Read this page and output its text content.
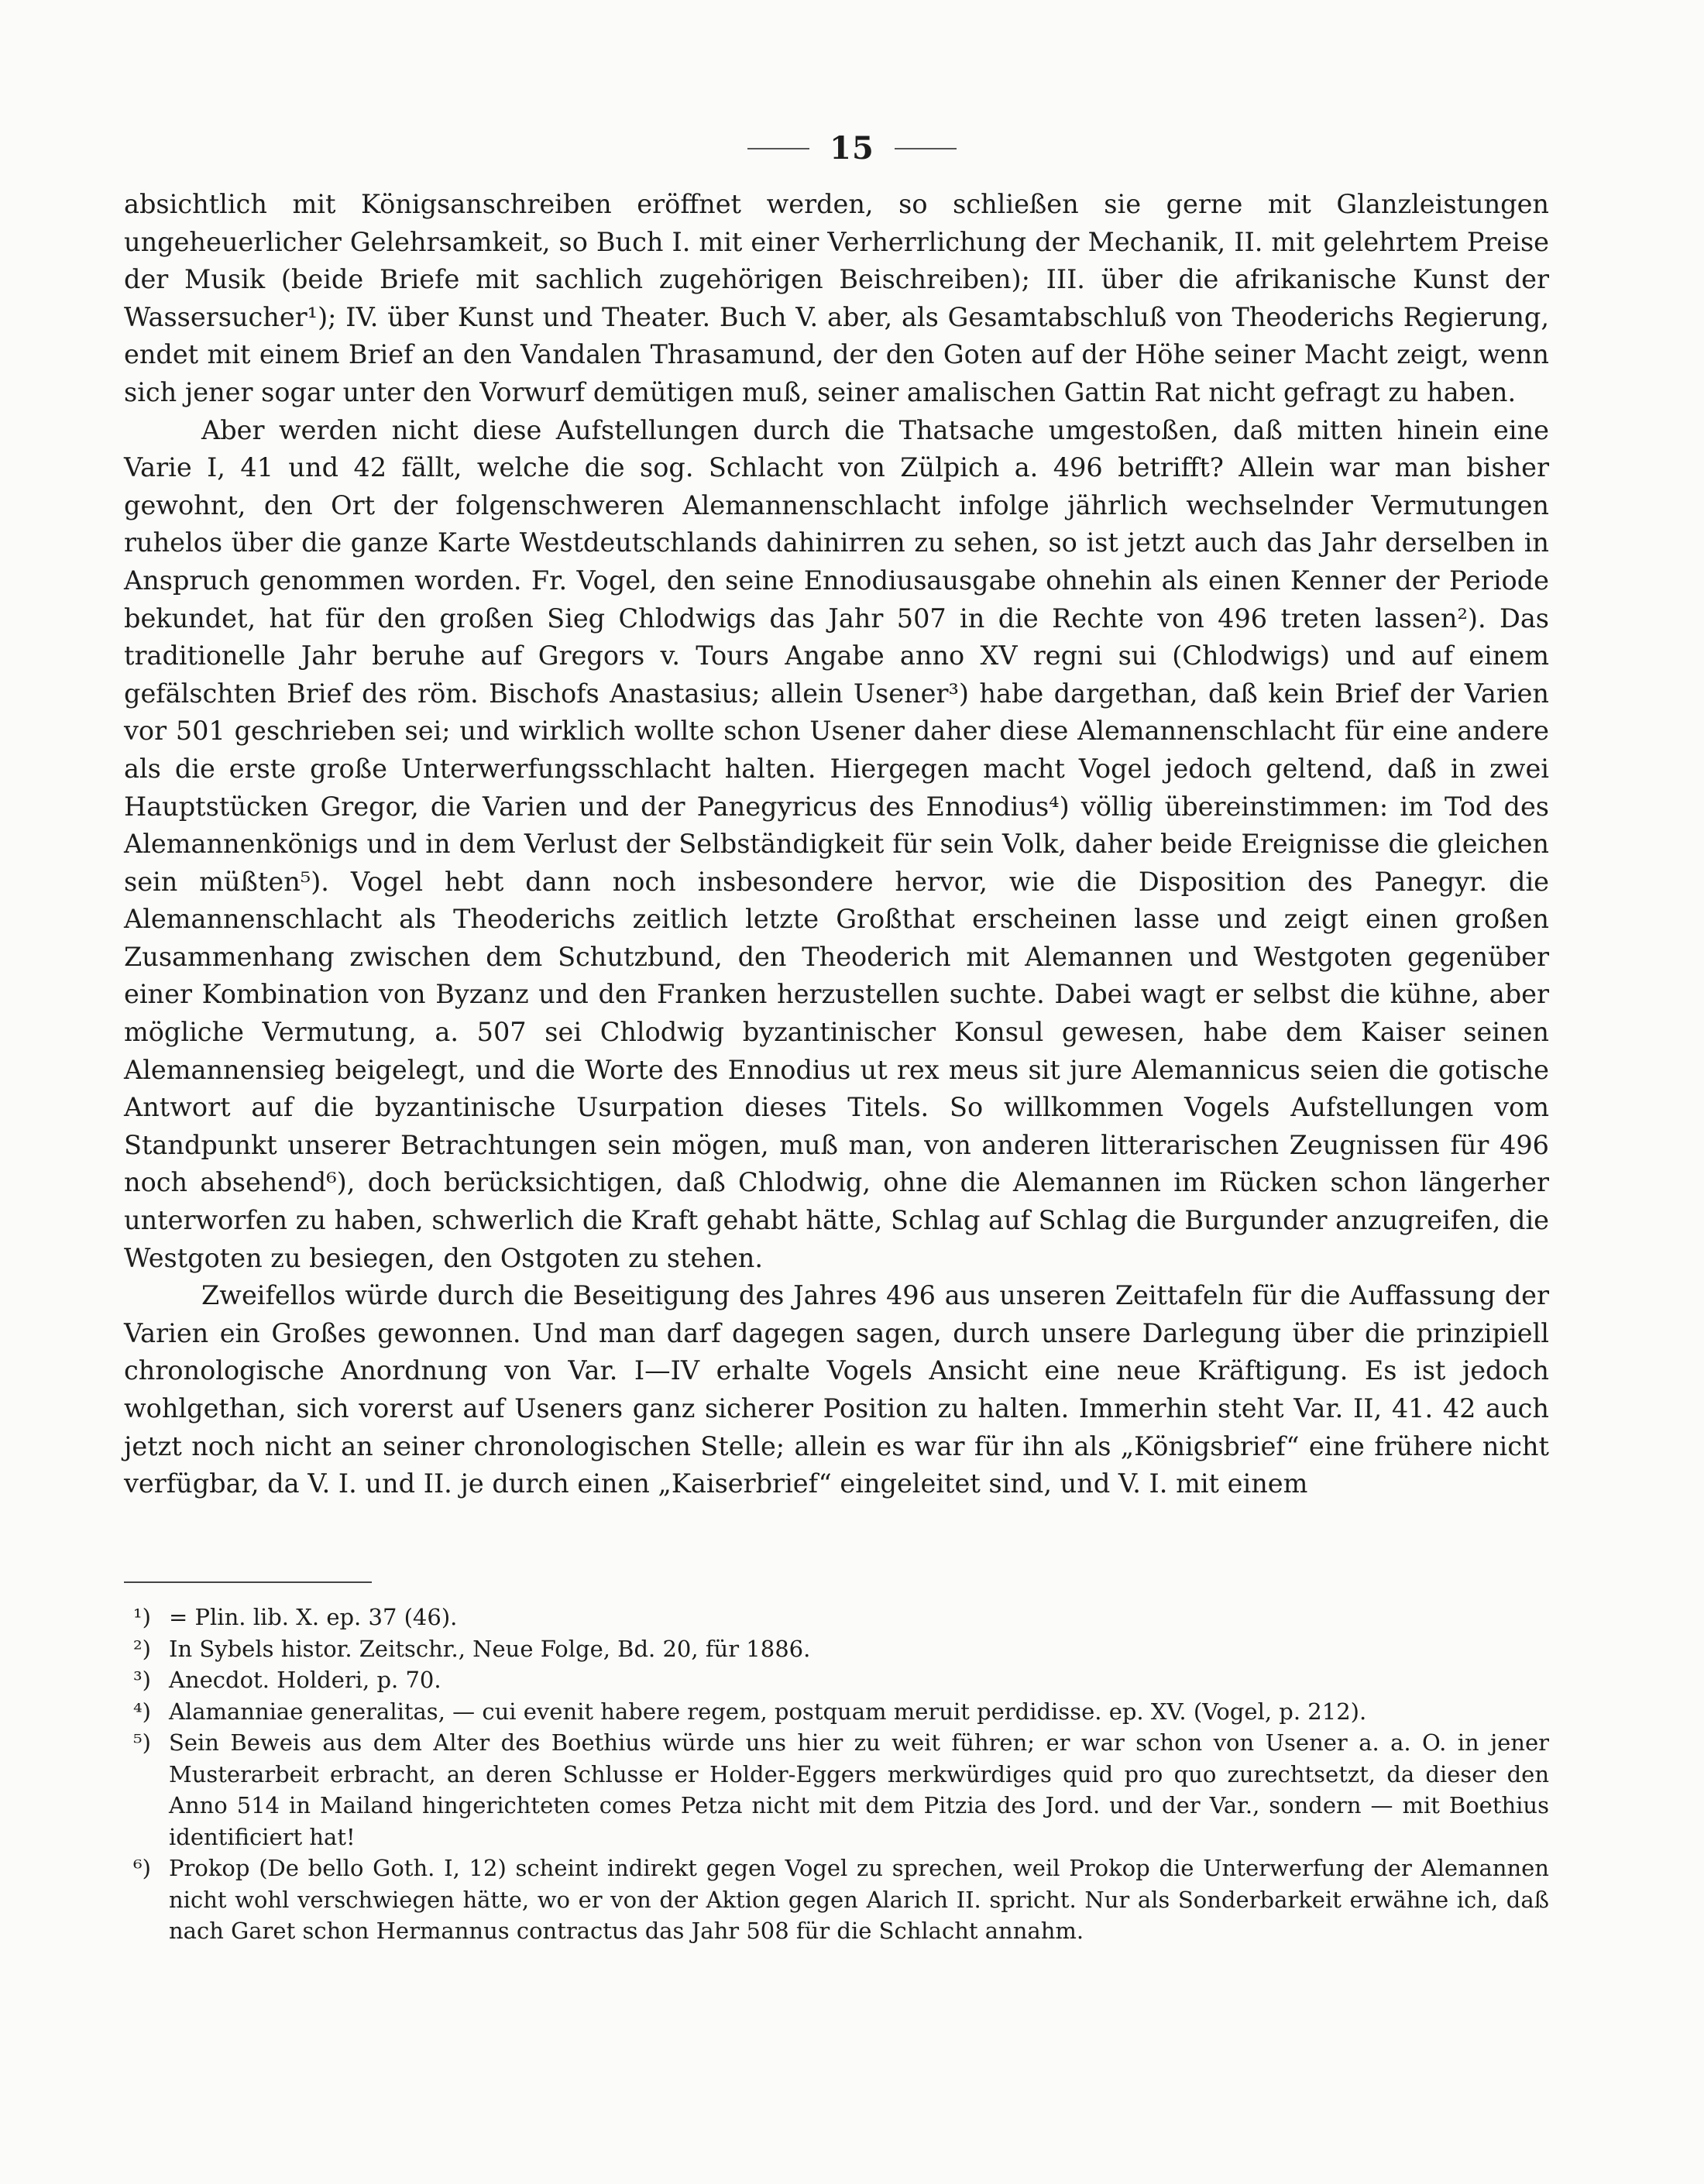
15

absichtlich mit Königsanschreiben eröffnet werden, so schließen sie gerne mit Glanzleistungen ungeheuerlicher Gelehrsamkeit, so Buch I. mit einer Verherrlichung der Mechanik, II. mit gelehrtem Preise der Musik (beide Briefe mit sachlich zugehörigen Beischreiben); III. über die afrikanische Kunst der Wassersucher¹); IV. über Kunst und Theater. Buch V. aber, als Gesamtabschluß von Theoderichs Regierung, endet mit einem Brief an den Vandalen Thrasamund, der den Goten auf der Höhe seiner Macht zeigt, wenn sich jener sogar unter den Vorwurf demütigen muß, seiner amalischen Gattin Rat nicht gefragt zu haben.

Aber werden nicht diese Aufstellungen durch die Thatsache umgestoßen, daß mitten hinein eine Varie I, 41 und 42 fällt, welche die sog. Schlacht von Zülpich a. 496 betrifft? Allein war man bisher gewohnt, den Ort der folgenschweren Alemannenschlacht infolge jährlich wechselnder Vermutungen ruhelos über die ganze Karte Westdeutschlands dahinirren zu sehen, so ist jetzt auch das Jahr derselben in Anspruch genommen worden. Fr. Vogel, den seine Ennodiusausgabe ohnehin als einen Kenner der Periode bekundet, hat für den großen Sieg Chlodwigs das Jahr 507 in die Rechte von 496 treten lassen²). Das traditionelle Jahr beruhe auf Gregors v. Tours Angabe anno XV regni sui (Chlodwigs) und auf einem gefälschten Brief des röm. Bischofs Anastasius; allein Usener³) habe dargethan, daß kein Brief der Varien vor 501 geschrieben sei; und wirklich wollte schon Usener daher diese Alemannenschlacht für eine andere als die erste große Unterwerfungsschlacht halten. Hiergegen macht Vogel jedoch geltend, daß in zwei Hauptstücken Gregor, die Varien und der Panegyricus des Ennodius⁴) völlig übereinstimmen: im Tod des Alemannenkönigs und in dem Verlust der Selbständigkeit für sein Volk, daher beide Ereignisse die gleichen sein müßten⁵). Vogel hebt dann noch insbesondere hervor, wie die Disposition des Panegyr. die Alemannenschlacht als Theoderichs zeitlich letzte Großthat erscheinen lasse und zeigt einen großen Zusammenhang zwischen dem Schutzbund, den Theoderich mit Alemannen und Westgoten gegenüber einer Kombination von Byzanz und den Franken herzustellen suchte. Dabei wagt er selbst die kühne, aber mögliche Vermutung, a. 507 sei Chlodwig byzantinischer Konsul gewesen, habe dem Kaiser seinen Alemannensieg beigelegt, und die Worte des Ennodius ut rex meus sit jure Alemannicus seien die gotische Antwort auf die byzantinische Usurpation dieses Titels. So willkommen Vogels Aufstellungen vom Standpunkt unserer Betrachtungen sein mögen, muß man, von anderen litterarischen Zeugnissen für 496 noch absehend⁶), doch berücksichtigen, daß Chlodwig, ohne die Alemannen im Rücken schon längerher unterworfen zu haben, schwerlich die Kraft gehabt hätte, Schlag auf Schlag die Burgunder anzugreifen, die Westgoten zu besiegen, den Ostgoten zu stehen.

Zweifellos würde durch die Beseitigung des Jahres 496 aus unseren Zeittafeln für die Auffassung der Varien ein Großes gewonnen. Und man darf dagegen sagen, durch unsere Darlegung über die prinzipiell chronologische Anordnung von Var. I—IV erhalte Vogels Ansicht eine neue Kräftigung. Es ist jedoch wohlgethan, sich vorerst auf Useners ganz sicherer Position zu halten. Immerhin steht Var. II, 41. 42 auch jetzt noch nicht an seiner chronologischen Stelle; allein es war für ihn als „Königsbrief“ eine frühere nicht verfügbar, da V. I. und II. je durch einen „Kaiserbrief“ eingeleitet sind, und V. I. mit einem

¹) = Plin. lib. X. ep. 37 (46).

²) In Sybels histor. Zeitschr., Neue Folge, Bd. 20, für 1886.

³) Anecdot. Holderi, p. 70.

⁴) Alamanniae generalitas, — cui evenit habere regem, postquam meruit perdidisse. ep. XV. (Vogel, p. 212).

⁵) Sein Beweis aus dem Alter des Boethius würde uns hier zu weit führen; er war schon von Usener a. a. O. in jener Musterarbeit erbracht, an deren Schlusse er Holder-Eggers merkwürdiges quid pro quo zurechtsetzt, da dieser den Anno 514 in Mailand hingerichteten comes Petza nicht mit dem Pitzia des Jord. und der Var., sondern — mit Boethius identificiert hat!

⁶) Prokop (De bello Goth. I, 12) scheint indirekt gegen Vogel zu sprechen, weil Prokop die Unterwerfung der Alemannen nicht wohl verschwiegen hätte, wo er von der Aktion gegen Alarich II. spricht. Nur als Sonderbarkeit erwähne ich, daß nach Garet schon Hermannus contractus das Jahr 508 für die Schlacht annahm.
